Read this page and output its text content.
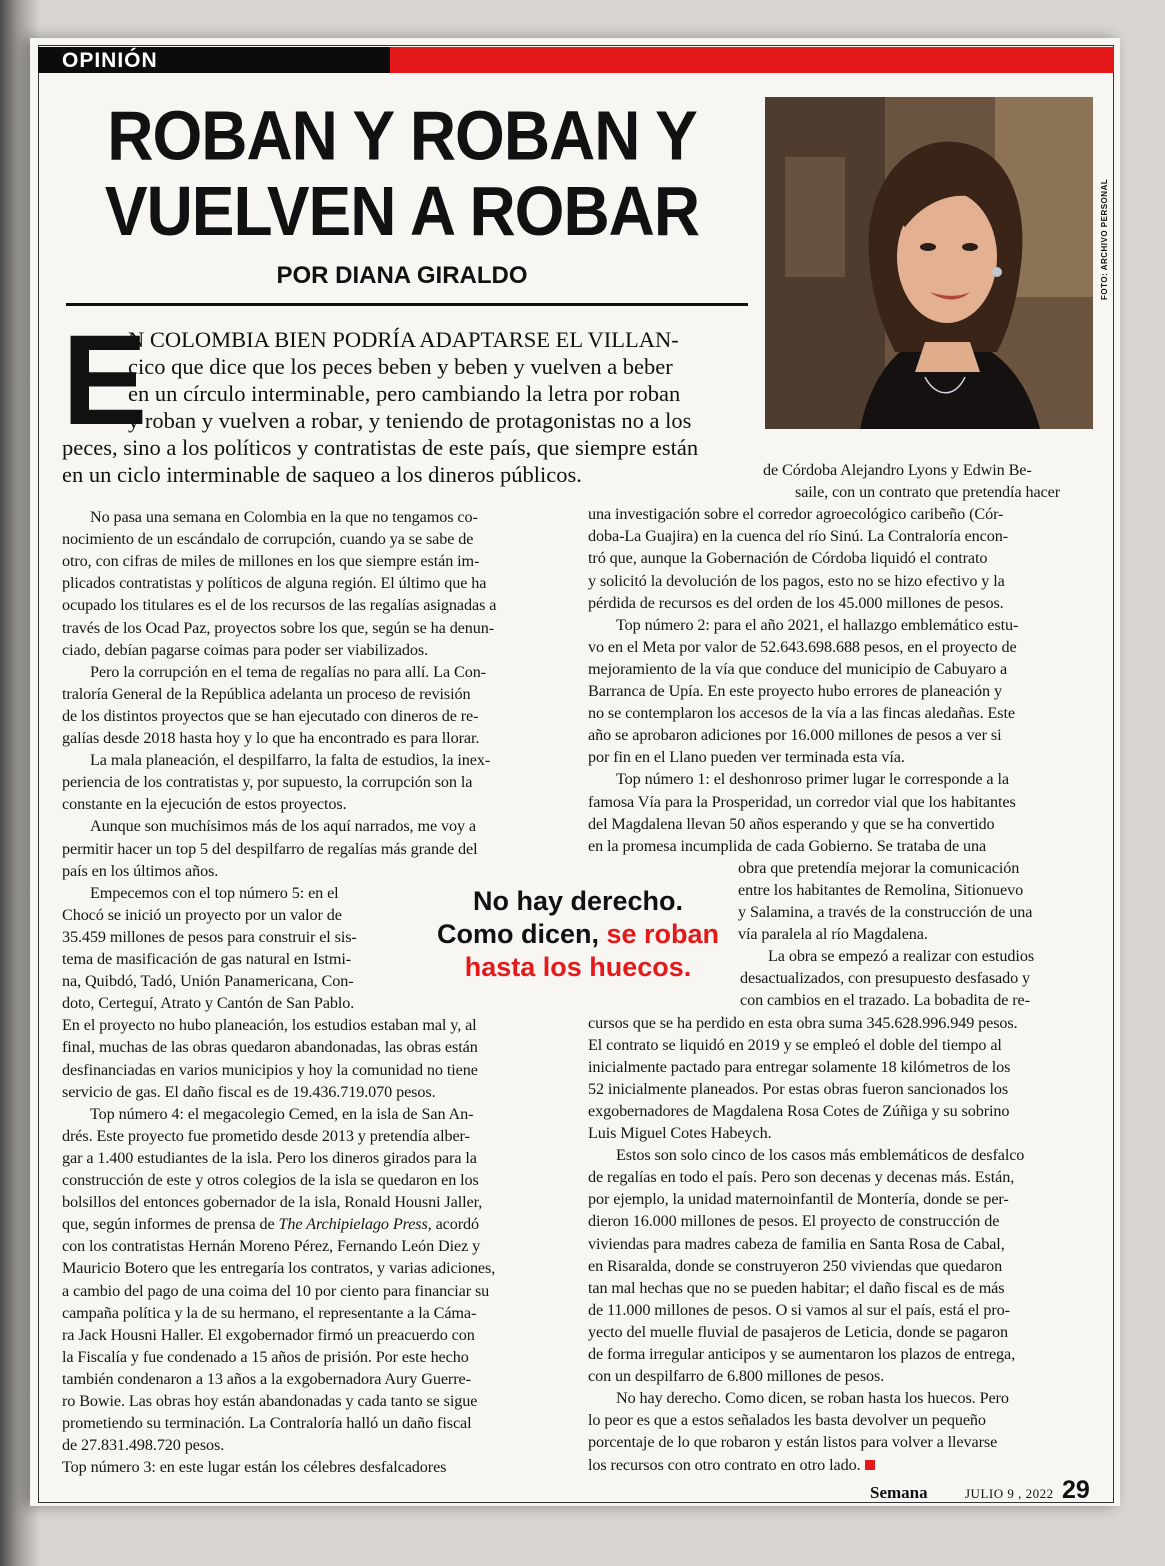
OPINIÓN
ROBAN Y ROBAN Y
VUELVEN A ROBAR
POR DIANA GIRALDO	FOTO: ARCHIVO PERSONAL
E
N COLOMBIA BIEN PODRÍA ADAPTARSE EL VILLAN-
cico que dice que los peces beben y beben y vuelven a beber
en un círculo interminable, pero cambiando la letra por roban
y roban y vuelven a robar, y teniendo de protagonistas no a los
peces, sino a los políticos y contratistas de este país, que siempre están
en un ciclo interminable de saqueo a los dineros públicos.
No hay derecho.
Como dicen, se roban
hasta los huecos.
No pasa una semana en Colombia en la que no tengamos co-
nocimiento de un escándalo de corrupción, cuando ya se sabe de
otro, con cifras de miles de millones en los que siempre están im-
plicados contratistas y políticos de alguna región. El último que ha
ocupado los titulares es el de los recursos de las regalías asignadas a
través de los Ocad Paz, proyectos sobre los que, según se ha denun-
ciado, debían pagarse coimas para poder ser viabilizados.
Pero la corrupción en el tema de regalías no para allí. La Con-
traloría General de la República adelanta un proceso de revisión
de los distintos proyectos que se han ejecutado con dineros de re-
galías desde 2018 hasta hoy y lo que ha encontrado es para llorar.
La mala planeación, el despilfarro, la falta de estudios, la inex-
periencia de los contratistas y, por supuesto, la corrupción son la
constante en la ejecución de estos proyectos.
Aunque son muchísimos más de los aquí narrados, me voy a
permitir hacer un top 5 del despilfarro de regalías más grande del
país en los últimos años.
Empecemos con el top número 5: en el
Chocó se inició un proyecto por un valor de
35.459 millones de pesos para construir el sis-
tema de masificación de gas natural en Istmi-
na, Quibdó, Tadó, Unión Panamericana, Con-
doto, Certeguí, Atrato y Cantón de San Pablo.
En el proyecto no hubo planeación, los estudios estaban mal y, al
final, muchas de las obras quedaron abandonadas, las obras están
desfinanciadas en varios municipios y hoy la comunidad no tiene
servicio de gas. El daño fiscal es de 19.436.719.070 pesos.
Top número 4: el megacolegio Cemed, en la isla de San An-
drés. Este proyecto fue prometido desde 2013 y pretendía alber-
gar a 1.400 estudiantes de la isla. Pero los dineros girados para la
construcción de este y otros colegios de la isla se quedaron en los
bolsillos del entonces gobernador de la isla, Ronald Housni Jaller,
que, según informes de prensa de The Archipielago Press, acordó
con los contratistas Hernán Moreno Pérez, Fernando León Diez y
Mauricio Botero que les entregaría los contratos, y varias adiciones,
a cambio del pago de una coima del 10 por ciento para financiar su
campaña política y la de su hermano, el representante a la Cáma-
ra Jack Housni Haller. El exgobernador firmó un preacuerdo con
la Fiscalía y fue condenado a 15 años de prisión. Por este hecho
también condenaron a 13 años a la exgobernadora Aury Guerre-
ro Bowie. Las obras hoy están abandonadas y cada tanto se sigue
prometiendo su terminación. La Contraloría halló un daño fiscal
de 27.831.498.720 pesos.
Top número 3: en este lugar están los célebres desfalcadores
de Córdoba Alejandro Lyons y Edwin Be-
saile, con un contrato que pretendía hacer
una investigación sobre el corredor agroecológico caribeño (Cór-
doba-La Guajira) en la cuenca del río Sinú. La Contraloría encon-
tró que, aunque la Gobernación de Córdoba liquidó el contrato
y solicitó la devolución de los pagos, esto no se hizo efectivo y la
pérdida de recursos es del orden de los 45.000 millones de pesos.
Top número 2: para el año 2021, el hallazgo emblemático estu-
vo en el Meta por valor de 52.643.698.688 pesos, en el proyecto de
mejoramiento de la vía que conduce del municipio de Cabuyaro a
Barranca de Upía. En este proyecto hubo errores de planeación y
no se contemplaron los accesos de la vía a las fincas aledañas. Este
año se aprobaron adiciones por 16.000 millones de pesos a ver si
por fin en el Llano pueden ver terminada esta vía.
Top número 1: el deshonroso primer lugar le corresponde a la
famosa Vía para la Prosperidad, un corredor vial que los habitantes
del Magdalena llevan 50 años esperando y que se ha convertido
en la promesa incumplida de cada Gobierno. Se trataba de una
obra que pretendía mejorar la comunicación
entre los habitantes de Remolina, Sitionuevo
y Salamina, a través de la construcción de una
vía paralela al río Magdalena.
La obra se empezó a realizar con estudios
desactualizados, con presupuesto desfasado y
con cambios en el trazado. La bobadita de re-
cursos que se ha perdido en esta obra suma 345.628.996.949 pesos.
El contrato se liquidó en 2019 y se empleó el doble del tiempo al
inicialmente pactado para entregar solamente 18 kilómetros de los
52 inicialmente planeados. Por estas obras fueron sancionados los
exgobernadores de Magdalena Rosa Cotes de Zúñiga y su sobrino
Luis Miguel Cotes Habeych.
Estos son solo cinco de los casos más emblemáticos de desfalco
de regalías en todo el país. Pero son decenas y decenas más. Están,
por ejemplo, la unidad maternoinfantil de Montería, donde se per-
dieron 16.000 millones de pesos. El proyecto de construcción de
viviendas para madres cabeza de familia en Santa Rosa de Cabal,
en Risaralda, donde se construyeron 250 viviendas que quedaron
tan mal hechas que no se pueden habitar; el daño fiscal es de más
de 11.000 millones de pesos. O si vamos al sur el país, está el pro-
yecto del muelle fluvial de pasajeros de Leticia, donde se pagaron
de forma irregular anticipos y se aumentaron los plazos de entrega,
con un despilfarro de 6.800 millones de pesos.
No hay derecho. Como dicen, se roban hasta los huecos. Pero
lo peor es que a estos señalados les basta devolver un pequeño
porcentaje de lo que robaron y están listos para volver a llevarse
los recursos con otro contrato en otro lado.
Semana	JULIO 9 , 2022 29
